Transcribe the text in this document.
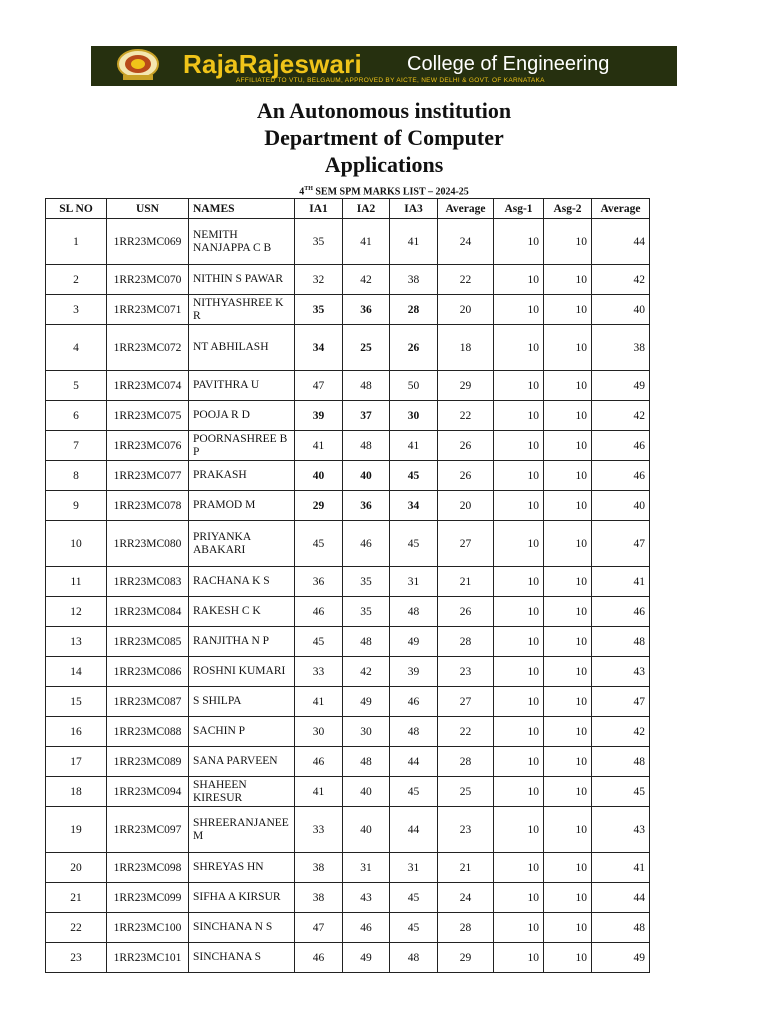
RajaRajeswari College of Engineering
AFFILIATED TO VTU, BELGAUM, APPROVED BY AICTE, NEW DELHI & GOVT. OF KARNATAKA
An Autonomous institution
Department of Computer
Applications
4TH SEM SPM MARKS LIST – 2024-25
SL NO	USN	NAMES	IA1	IA2	IA3	Average	Asg-1	Asg-2	Average
1	1RR23MC069	NEMITH NANJAPPA C B	35	41	41	24	10	10	44
2	1RR23MC070	NITHIN S PAWAR	32	42	38	22	10	10	42
3	1RR23MC071	NITHYASHREE K R	35	36	28	20	10	10	40
4	1RR23MC072	NT ABHILASH	34	25	26	18	10	10	38
5	1RR23MC074	PAVITHRA U	47	48	50	29	10	10	49
6	1RR23MC075	POOJA R D	39	37	30	22	10	10	42
7	1RR23MC076	POORNASHREE B P	41	48	41	26	10	10	46
8	1RR23MC077	PRAKASH	40	40	45	26	10	10	46
9	1RR23MC078	PRAMOD M	29	36	34	20	10	10	40
10	1RR23MC080	PRIYANKA ABAKARI	45	46	45	27	10	10	47
11	1RR23MC083	RACHANA K S	36	35	31	21	10	10	41
12	1RR23MC084	RAKESH C K	46	35	48	26	10	10	46
13	1RR23MC085	RANJITHA N P	45	48	49	28	10	10	48
14	1RR23MC086	ROSHNI KUMARI	33	42	39	23	10	10	43
15	1RR23MC087	S SHILPA	41	49	46	27	10	10	47
16	1RR23MC088	SACHIN P	30	30	48	22	10	10	42
17	1RR23MC089	SANA PARVEEN	46	48	44	28	10	10	48
18	1RR23MC094	SHAHEEN KIRESUR	41	40	45	25	10	10	45
19	1RR23MC097	SHREERANJANEE M	33	40	44	23	10	10	43
20	1RR23MC098	SHREYAS HN	38	31	31	21	10	10	41
21	1RR23MC099	SIFHA A KIRSUR	38	43	45	24	10	10	44
22	1RR23MC100	SINCHANA N S	47	46	45	28	10	10	48
23	1RR23MC101	SINCHANA S	46	49	48	29	10	10	49
